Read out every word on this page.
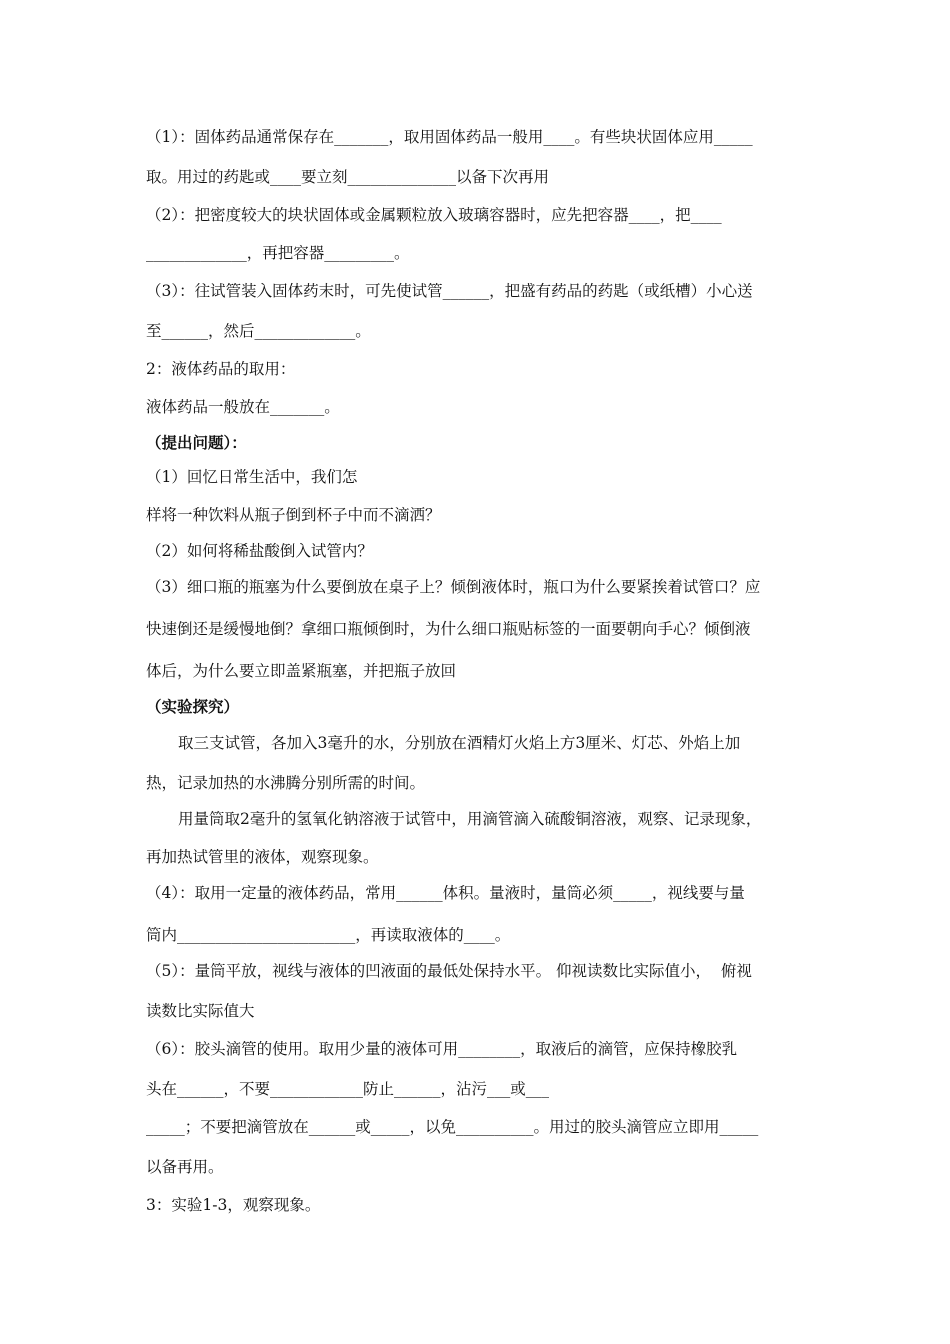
（1）：固体药品通常保存在_______，取用固体药品一般用____。有些块状固体应用_____
取。用过的药匙或____要立刻______________以备下次再用
（2）：把密度较大的块状固体或金属颗粒放入玻璃容器时，应先把容器____，把____
_____________，再把容器_________。
（3）：往试管装入固体药末时，可先使试管______，把盛有药品的药匙（或纸槽）小心送
至______，然后_____________。
2：液体药品的取用：
液体药品一般放在_______。
（提出问题）：
（1）回忆日常生活中，我们怎
样将一种饮料从瓶子倒到杯子中而不滴洒？
（2）如何将稀盐酸倒入试管内？
（3）细口瓶的瓶塞为什么要倒放在桌子上？倾倒液体时，瓶口为什么要紧挨着试管口？应
快速倒还是缓慢地倒？拿细口瓶倾倒时，为什么细口瓶贴标签的一面要朝向手心？倾倒液
体后，为什么要立即盖紧瓶塞，并把瓶子放回
（实验探究）
取三支试管，各加入3毫升的水，分别放在酒精灯火焰上方3厘米、灯芯、外焰上加
热，记录加热的水沸腾分别所需的时间。
用量筒取2毫升的氢氧化钠溶液于试管中，用滴管滴入硫酸铜溶液，观察、记录现象，
再加热试管里的液体，观察现象。
（4）：取用一定量的液体药品，常用______体积。量液时，量筒必须_____，视线要与量
筒内_______________________，再读取液体的____。
（5）：量筒平放，视线与液体的凹液面的最低处保持水平。 仰视读数比实际值小，  俯视
读数比实际值大
（6）：胶头滴管的使用。取用少量的液体可用________，取液后的滴管，应保持橡胶乳
头在______，不要____________防止______，沾污___或___
_____；不要把滴管放在______或_____，以免__________。用过的胶头滴管应立即用_____
以备再用。
3：实验1-3，观察现象。
